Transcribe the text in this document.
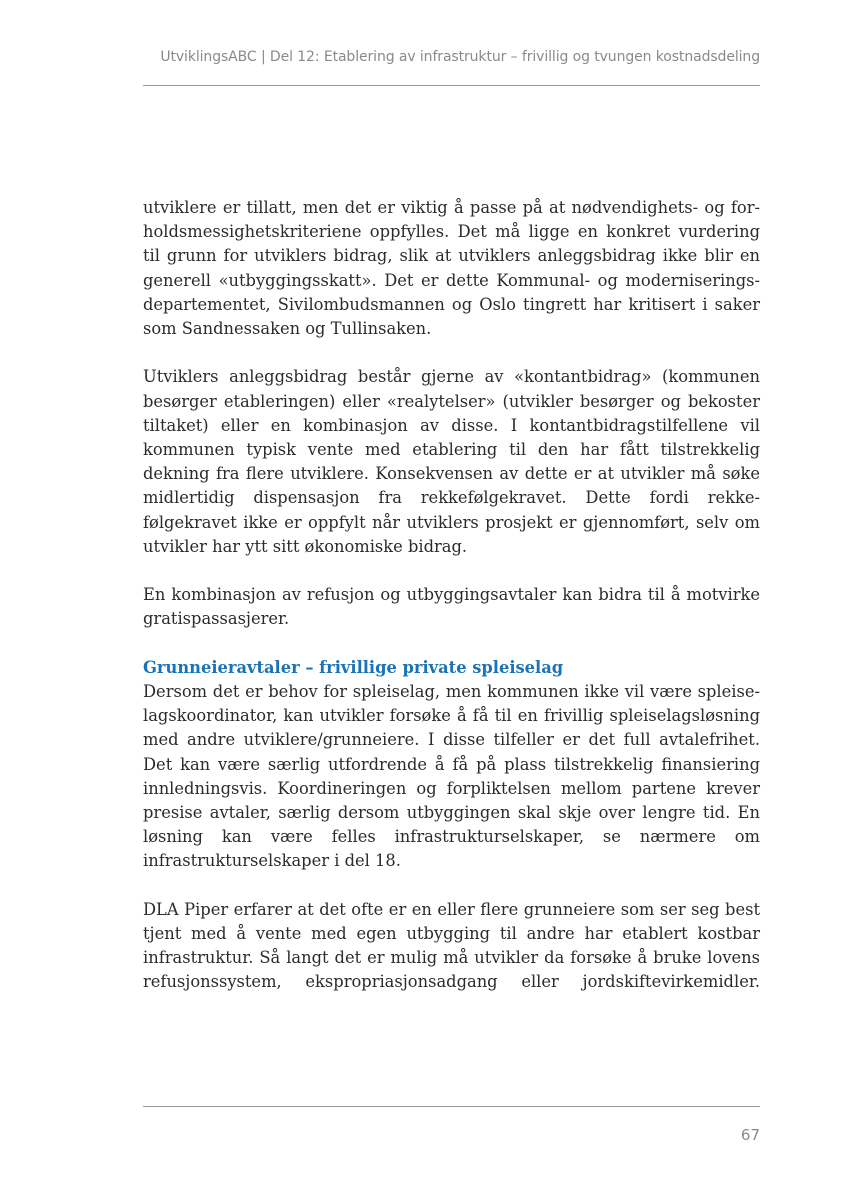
UtviklingsABC | Del 12: Etablering av infrastruktur – frivillig og tvungen kostnadsdeling

utviklere er tillatt, men det er viktig å passe på at nødvendighets- og forholdsmessighetskriteriene oppfylles. Det må ligge en konkret vurdering til grunn for utviklers bidrag, slik at utviklers anleggsbidrag ikke blir en generell «utbyggingsskatt». Det er dette Kommunal- og moderniseringsdepartementet, Sivilombudsmannen og Oslo tingrett har kritisert i saker som Sandnessaken og Tullinsaken.

Utviklers anleggsbidrag består gjerne av «kontantbidrag» (kommunen besørger etableringen) eller «realytelser» (utvikler besørger og bekoster tiltaket) eller en kombinasjon av disse. I kontantbidragstilfellene vil kommunen typisk vente med etablering til den har fått tilstrekkelig dekning fra flere utviklere. Konsekvensen av dette er at utvikler må søke midlertidig dispensasjon fra rekkefølgekravet. Dette fordi rekkefølgekravet ikke er oppfylt når utviklers prosjekt er gjennomført, selv om utvikler har ytt sitt økonomiske bidrag.

En kombinasjon av refusjon og utbyggingsavtaler kan bidra til å motvirke gratispassasjerer.

Grunneieravtaler – frivillige private spleiselag

Dersom det er behov for spleiselag, men kommunen ikke vil være spleiselagskoordinator, kan utvikler forsøke å få til en frivillig spleiselagsløsning med andre utviklere/grunneiere. I disse tilfeller er det full avtalefrihet. Det kan være særlig utfordrende å få på plass tilstrekkelig finansiering innledningsvis. Koordineringen og forpliktelsen mellom partene krever presise avtaler, særlig dersom utbyggingen skal skje over lengre tid. En løsning kan være felles infrastrukturselskaper, se nærmere om infrastrukturselskaper i del 18.

DLA Piper erfarer at det ofte er en eller flere grunneiere som ser seg best tjent med å vente med egen utbygging til andre har etablert kostbar infrastruktur. Så langt det er mulig må utvikler da forsøke å bruke lovens refusjonssystem, ekspropriasjonsadgang eller jordskiftevirkemidler.

67
